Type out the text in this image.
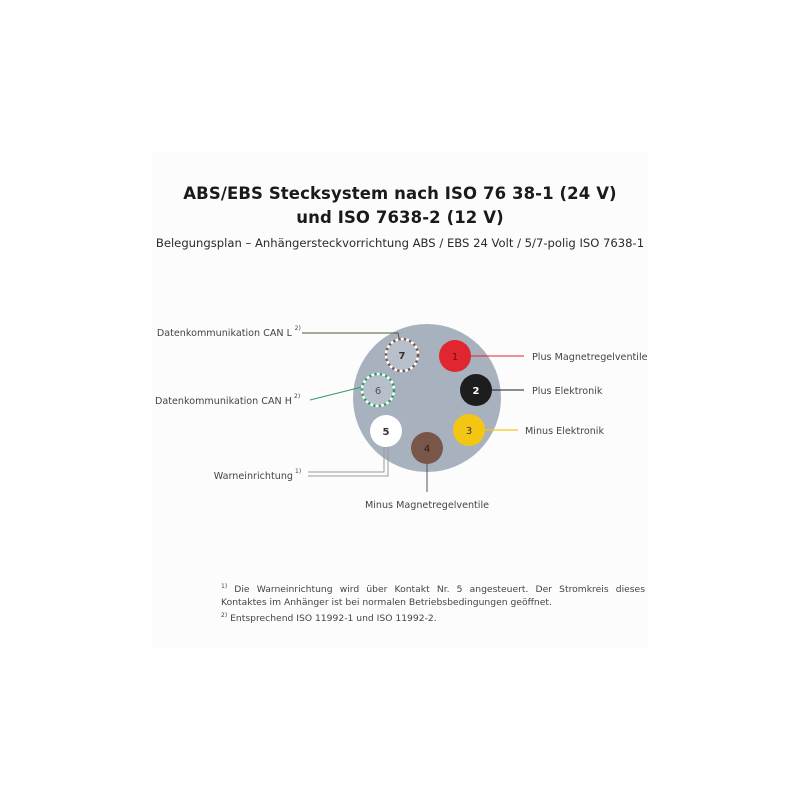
ABS/EBS Stecksystem nach ISO 76 38-1 (24 V)
und ISO 7638-2 (12 V)
Belegungsplan – Anhängersteckvorrichtung ABS / EBS 24 Volt / 5/7-polig ISO 7638-1
7
6
1
2
3
4
5
Datenkommunikation CAN L 2)
Datenkommunikation CAN H 2)
Plus Magnetregelventile
Plus Elektronik
Minus Elektronik
Minus Magnetregelventile
Warneinrichtung 1)

$^{1)}$ Die Warneinrichtung wird über Kontakt Nr. 5 angesteuert. Der Stromkreis dieses Kontaktes im Anhänger ist bei normalen Betriebsbedingungen geöffnet.

$^{2)}$ Entsprechend ISO 11992-1 und ISO 11992-2.
